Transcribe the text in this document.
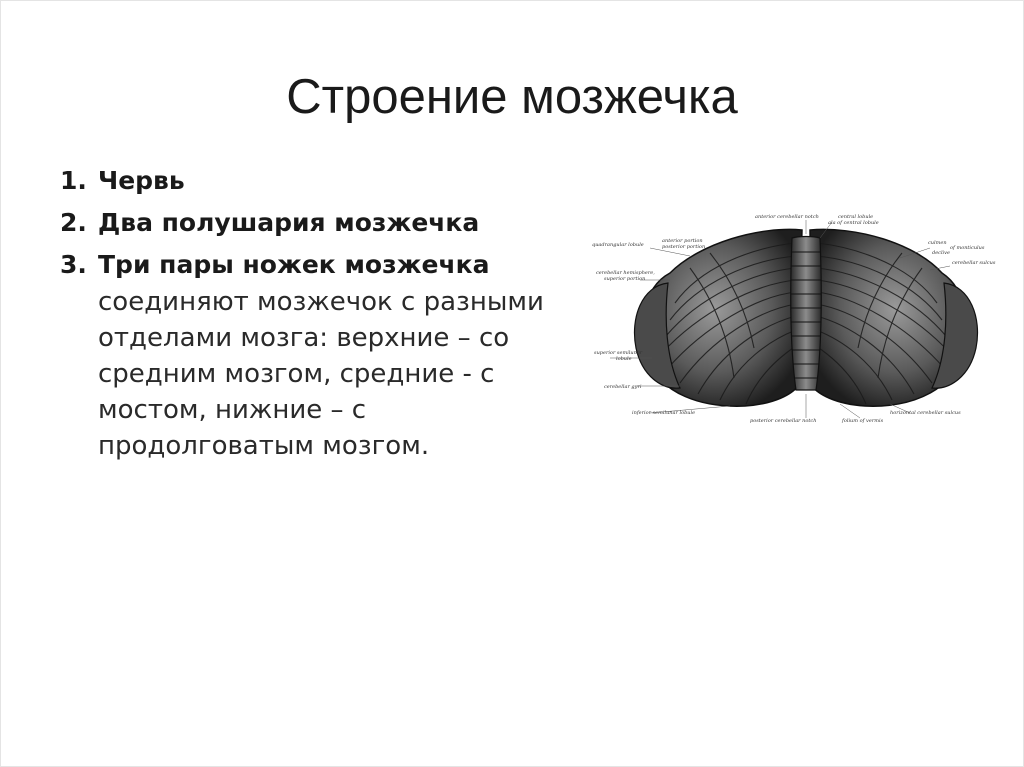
Строение мозжечка
1. Червь
2. Два полушария мозжечка
3. Три пары ножек мозжечка
соединяют мозжечок с разными отделами мозга: верхние – со средним мозгом, средние - с мостом, нижние – с продолговатым мозгом.
anterior cerebellar notch	central lobule
ala of central lobule
quadrangular lobule
anterior portion
posterior portion
culmen
declive
of monticulus
cerebellar sulcus
cerebellar hemisphere,
superior portion
superior semilunar
lobule
cerebellar gyri
inferior semilunar lobule
posterior cerebellar notch	folium of vermis
horizontal cerebellar sulcus
